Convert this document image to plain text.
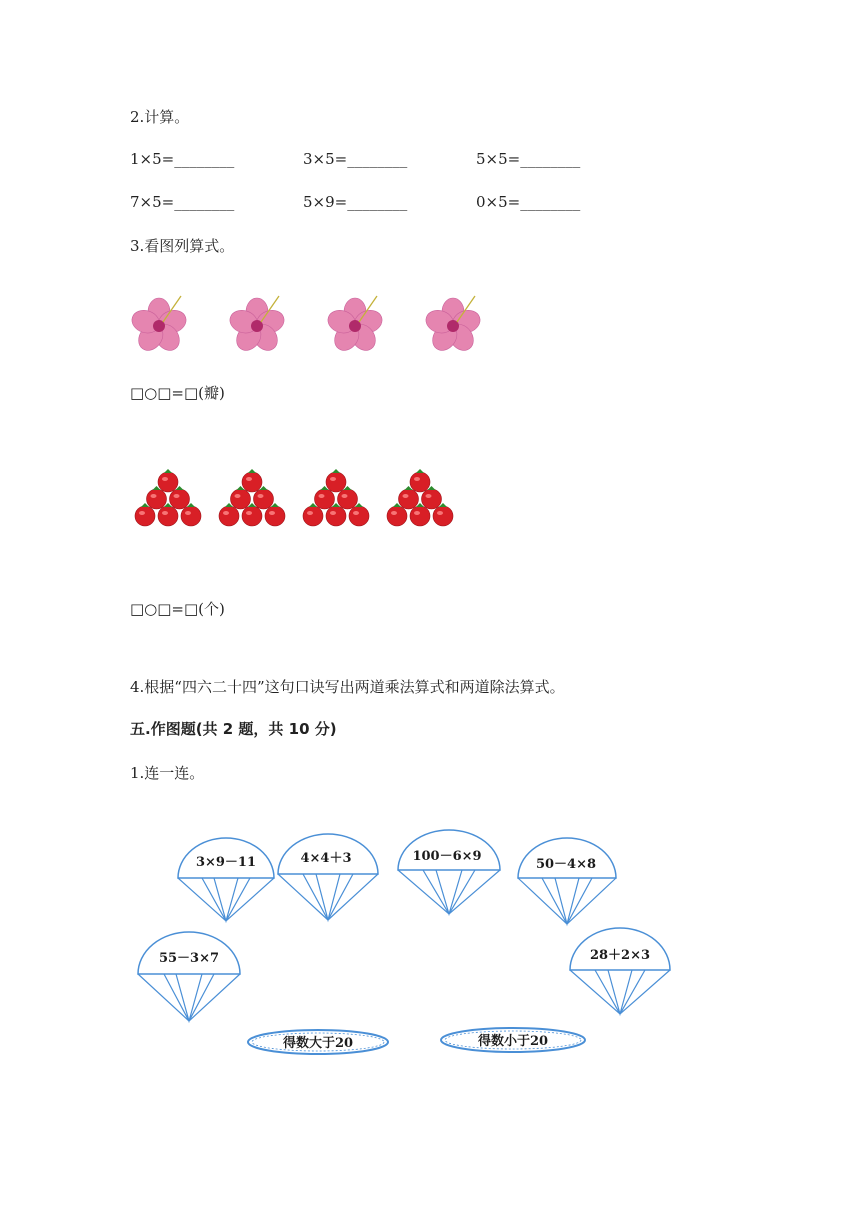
2.计算。
1×5=________	3×5=________	5×5=________
7×5=________	5×9=________	0×5=________
3.看图列算式。
□○□=□(瓣)
□○□=□(个)
4.根据“四六二十四”这句口诀写出两道乘法算式和两道除法算式。
五.作图题(共 2 题，共 10 分)
1.连一连。
3×9－11	4×4＋3	100－6×9
50－4×8
55－3×7	28＋2×3
得数大于20	得数小于20
